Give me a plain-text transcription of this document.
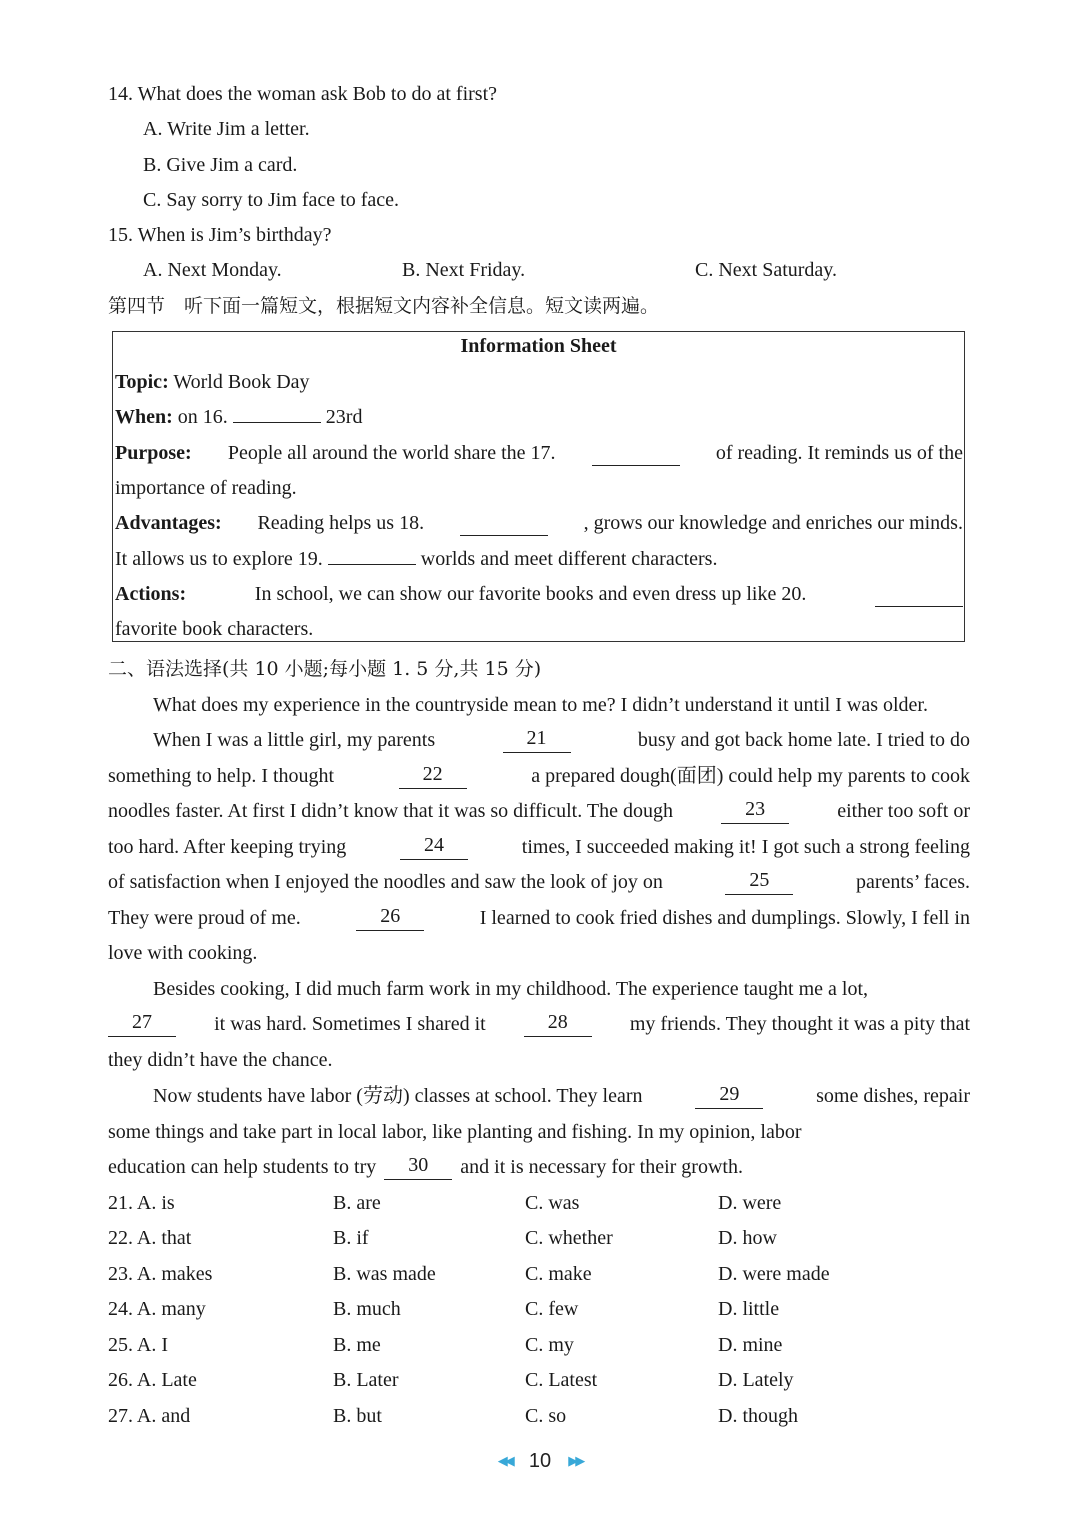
14. What does the woman ask Bob to do at first?
A. Write Jim a letter.
B. Give Jim a card.
C. Say sorry to Jim face to face.
15. When is Jim’s birthday?
A. Next Monday.	B. Next Friday.	C. Next Saturday.
第四节　听下面一篇短文，根据短文内容补全信息。短文读两遍。
Information Sheet
Topic: World Book Day
When: on 16.	23rd
Purpose: People all around the world share the 17.	of reading. It reminds us of the
importance of reading.
Advantages: Reading helps us 18.	, grows our knowledge and enriches our minds.
It allows us to explore 19.	worlds and meet different characters.
Actions:	In school, we can show our favorite books and even dress up like 20.
favorite book characters.
二、语法选择(共 10 小题;每小题 1. 5 分,共 15 分)
What does my experience in the countryside mean to me? I didn’t understand it until I was older.
When I was a little girl, my parents	21	busy and got back home late. I tried to do
something to help. I thought	22	a prepared dough(面团) could help my parents to cook
noodles faster. At first I didn’t know that it was so difficult. The dough	23	either too soft or
too hard. After keeping trying	24	times, I succeeded making it! I got such a strong feeling
of satisfaction when I enjoyed the noodles and saw the look of joy on	25	parents’ faces.
They were proud of me.	26	I learned to cook fried dishes and dumplings. Slowly, I fell in
love with cooking.
Besides cooking, I did much farm work in my childhood. The experience taught me a lot,
27	it was hard. Sometimes I shared it	28	my friends. They thought it was a pity that
they didn’t have the chance.
Now students have labor (劳动) classes at school. They learn	29	some dishes, repair
some things and take part in local labor, like planting and fishing. In my opinion, labor
education can help students to try	30	and it is necessary for their growth.
21. A. is	B. are	C. was	D. were
22. A. that	B. if	C. whether	D. how
23. A. makes	B. was made	C. make	D. were made
24. A. many	B. much	C. few	D. little
25. A. I	B. me	C. my	D. mine
26. A. Late	B. Later	C. Latest	D. Lately
27. A. and	B. but	C. so	D. though
◀◀ 10 ▶▶
